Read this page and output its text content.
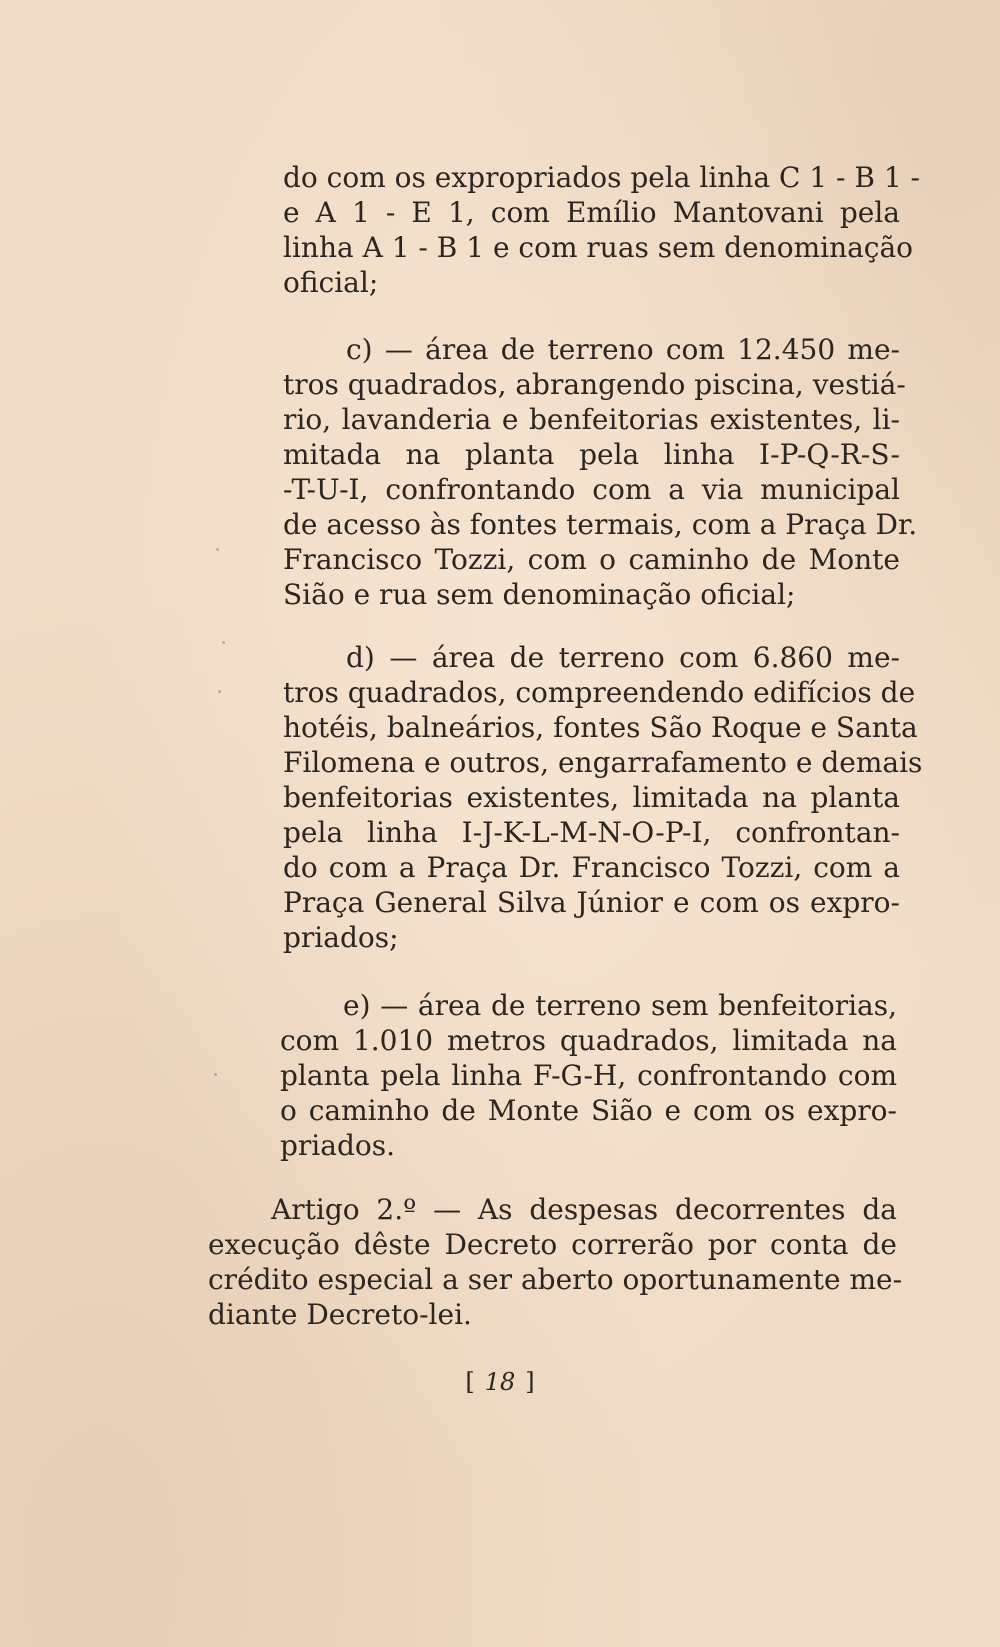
do com os expropriados pela linha C 1 - B 1 -
e A 1 - E 1, com Emílio Mantovani pela
linha A 1 - B 1 e com ruas sem denominação
oficial;
c) — área de terreno com 12.450 me-
tros quadrados, abrangendo piscina, vestiá-
rio, lavanderia e benfeitorias existentes, li-
mitada na planta pela linha I-P-Q-R-S-
-T-U-I, confrontando com a via municipal
de acesso às fontes termais, com a Praça Dr.
Francisco Tozzi, com o caminho de Monte
Sião e rua sem denominação oficial;
d) — área de terreno com 6.860 me-
tros quadrados, compreendendo edifícios de
hotéis, balneários, fontes São Roque e Santa
Filomena e outros, engarrafamento e demais
benfeitorias existentes, limitada na planta
pela linha I-J-K-L-M-N-O-P-I, confrontan-
do com a Praça Dr. Francisco Tozzi, com a
Praça General Silva Júnior e com os expro-
priados;
e) — área de terreno sem benfeitorias,
com 1.010 metros quadrados, limitada na
planta pela linha F-G-H, confrontando com
o caminho de Monte Sião e com os expro-
priados.
Artigo 2.º — As despesas decorrentes da
execução dêste Decreto correrão por conta de
crédito especial a ser aberto oportunamente me-
diante Decreto-lei.
[ 18 ]
